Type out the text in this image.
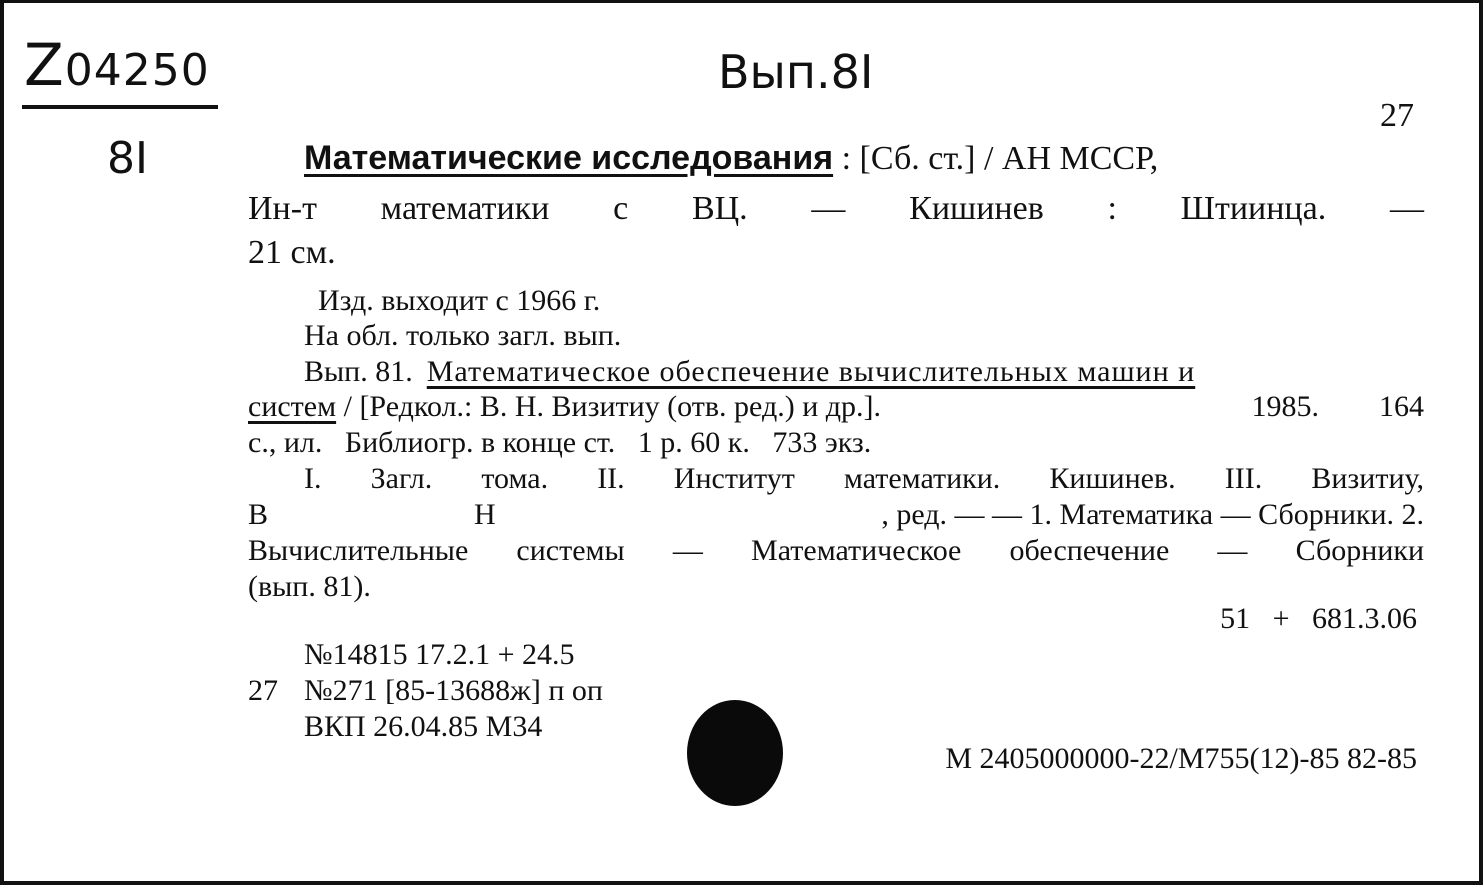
Z04250	Вып.8I
8I
27
Математические исследования : [Сб. ст.] / АН МССР,
Ин-т математики с ВЦ. — Кишинев : Штиинца. —
21 см.
Изд. выходит с 1966 г.
На обл. только загл. вып.
Вып. 81. Математическое обеспечение вычислительных машин и
систем / [Редкол.: В. Н. Визитиу (отв. ред.) и др.].	1985. 164
с., ил.   Библиогр. в конце ст.   1 р. 60 к.   733 экз.
I. Загл. тома. II. Институт математики. Кишинев. III. Визитиу,
В	Н	, ред. — — 1. Математика — Сборники. 2.
Вычислительные системы — Математическое обеспечение — Сборники
(вып. 81).
51   +   681.3.06
№14815 17.2.1 + 24.5
27 №271 [85-13688ж] п оп
ВКП 26.04.85 М34
М 2405000000-22/М755(12)-85 82-85
